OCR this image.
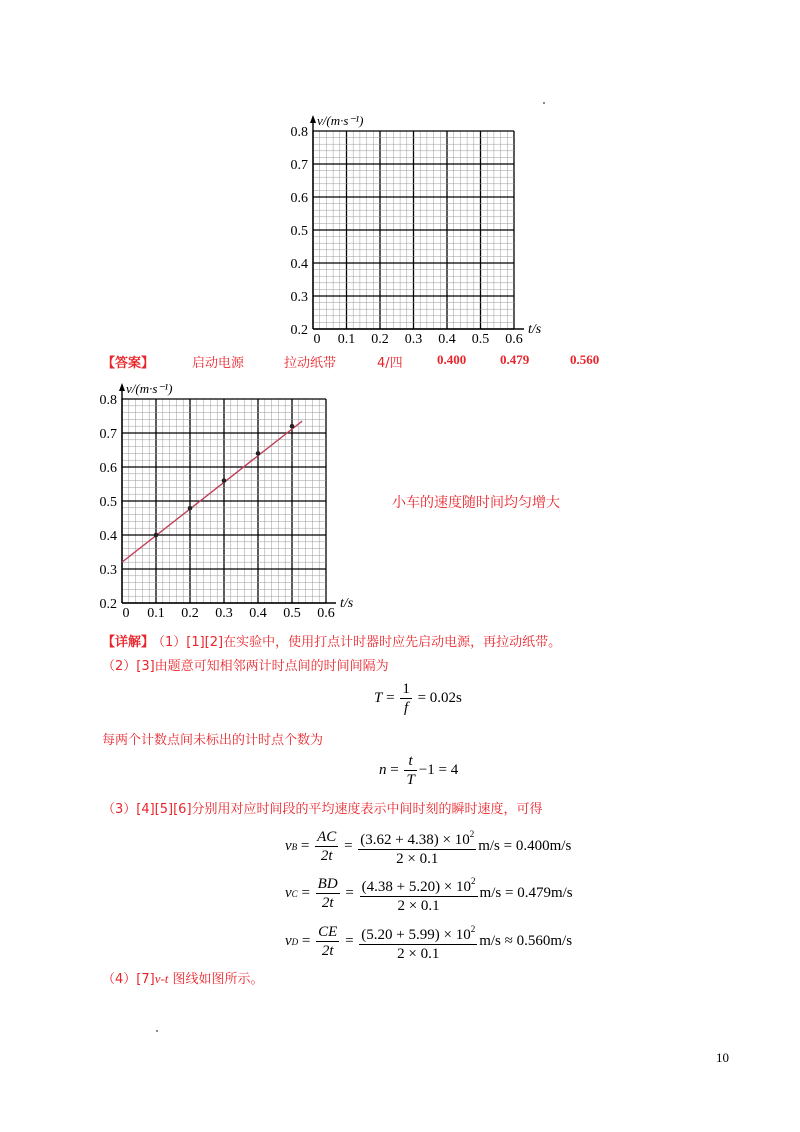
0.8
0.7
0.6
0.5
0.4
0.3
0.2
0 0.1 0.2 0.3 0.4 0.5 0.6
v/(m·s⁻¹)
t/s
【答案】	启动电源	拉动纸带	4/四	0.400	0.479	0.560
0.8
0.7
0.6
0.5
0.4
0.3
0.2
0 0.1 0.2 0.3 0.4 0.5 0.6
v/(m·s⁻¹)
t/s
小车的速度随时间均匀增大
【详解】
（1）[1][2]在实验中，使用打点计时器时应先启动电源，再拉动纸带。
（2）[3]由题意可知相邻两计时点间的时间间隔为
$T = \frac{1}{f} = 0.02s$
每两个计数点间未标出的计时点个数为
$n = \frac{t}{T} -1 = 4$
（3）[4][5][6]分别用对应时间段的平均速度表示中间时刻的瞬时速度，可得
v $B = \frac{AC}{2t} = \frac{(3.62 + 4.38) \times 10^2}{2 \times 0.1} m/s = 0.400m/s$
v $C = \frac{BD}{2t} = \frac{(4.38 + 5.20) \times 10^2}{2 \times 0.1} m/s = 0.479m/s$
v $D = \frac{CE}{2t} = \frac{(5.20 + 5.99) \times 10^2}{2 \times 0.1} m/s \approx 0.560m/s$
（4）[7]v-t 图线如图所示。
10
